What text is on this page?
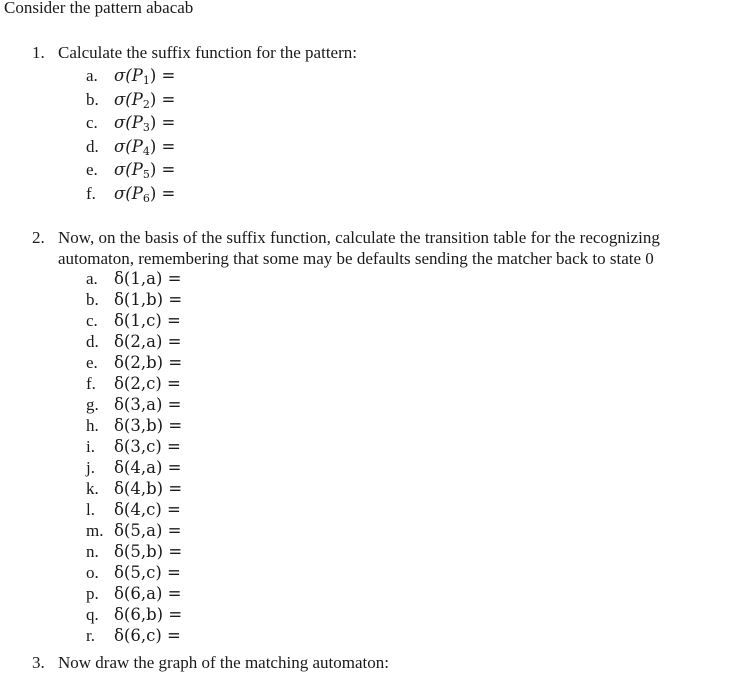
Consider the pattern abacab
1. Calculate the suffix function for the pattern:
a. $\sigma(P_1)$ =
b. $\sigma(P_2)$ =
c. $\sigma(P_3)$ =
d. $\sigma(P_4)$ =
e. $\sigma(P_5)$ =
f. $\sigma(P_6)$ =
2. Now, on the basis of the suffix function, calculate the transition table for the recognizing
automaton, remembering that some may be defaults sending the matcher back to state 0
a. δ(1,a) =
b. δ(1,b) =
c. δ(1,c) =
d. δ(2,a) =
e. δ(2,b) =
f. δ(2,c) =
g. δ(3,a) =
h. δ(3,b) =
i. δ(3,c) =
j. δ(4,a) =
k. δ(4,b) =
l. δ(4,c) =
m. δ(5,a) =
n. δ(5,b) =
o. δ(5,c) =
p. δ(6,a) =
q. δ(6,b) =
r. δ(6,c) =
3. Now draw the graph of the matching automaton:
